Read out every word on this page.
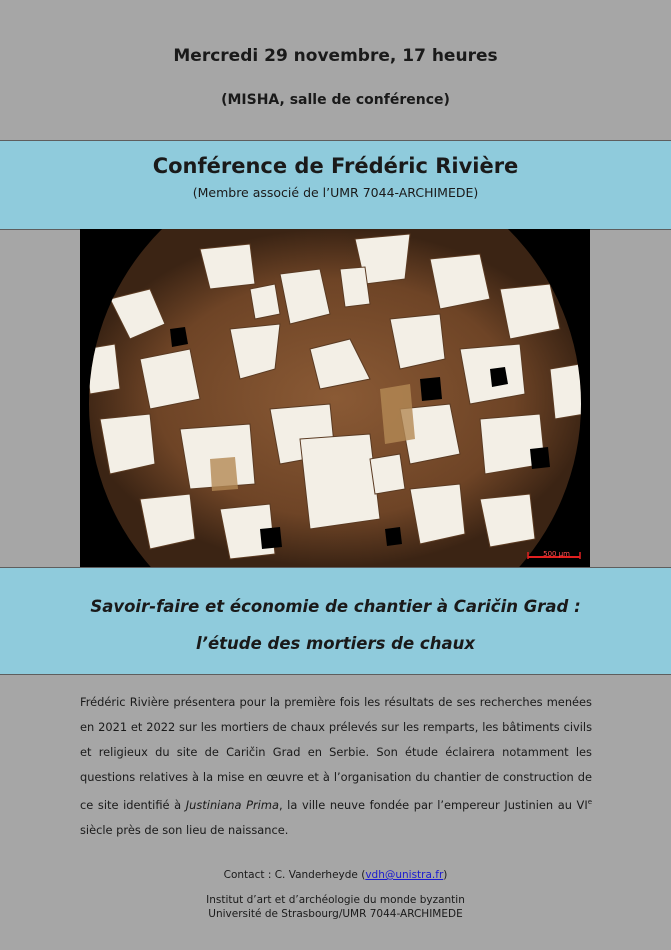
Mercredi 29 novembre, 17 heures
(MISHA, salle de conférence)
Conférence de Frédéric Rivière
(Membre associé de l’UMR 7044-ARCHIMEDE)
500 µm
Savoir-faire et économie de chantier à Caričin Grad :
l’étude des mortiers de chaux
Frédéric Rivière présentera pour la première fois les résultats de ses recherches menées en 2021 et 2022 sur les mortiers de chaux prélevés sur les remparts, les bâtiments civils et religieux du site de Caričin Grad en Serbie. Son étude éclairera notamment les questions relatives à la mise en œuvre et à l’organisation du chantier de construction de ce site identifié à Justiniana Prima, la ville neuve fondée par l’empereur Justinien au VIe siècle près de son lieu de naissance.
Contact : C. Vanderheyde (vdh@unistra.fr)
Institut d’art et d’archéologie du monde byzantin
Université de Strasbourg/UMR 7044-ARCHIMEDE
